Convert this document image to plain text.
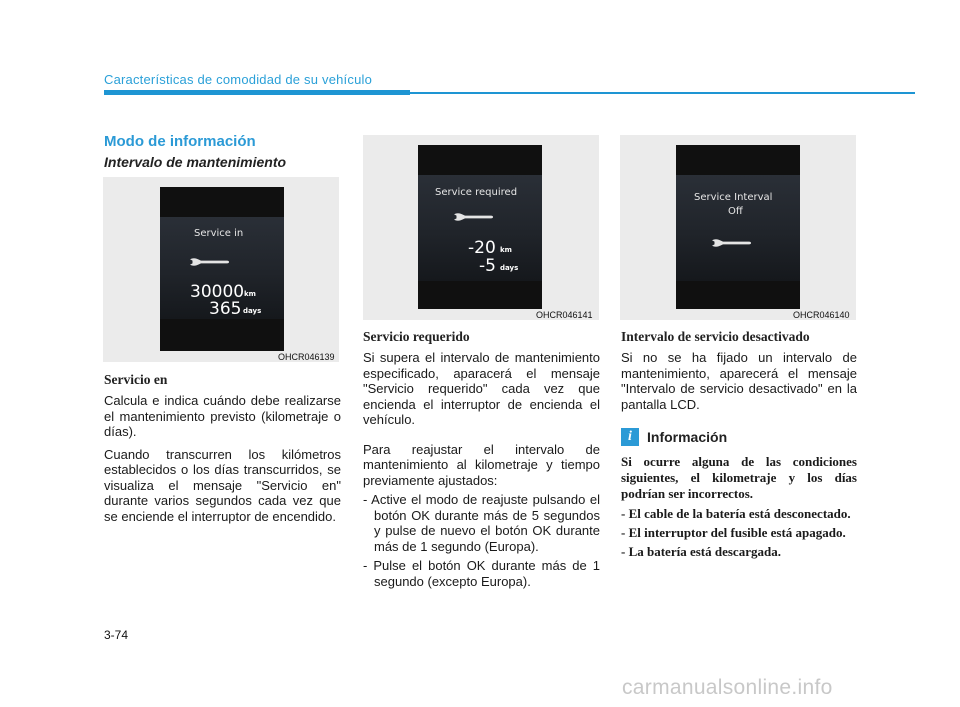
Características de comodidad de su vehículo
Modo de información
Intervalo de mantenimiento
Service in
30000 km
365 days
OHCR046139
Service required
-20 km
-5 days
OHCR046141
Service Interval
Off
OHCR046140
Servicio en
Calcula e indica cuándo debe realizarse el mantenimiento previsto (kilometraje o días).
Cuando transcurren los kilómetros establecidos o los días transcurridos, se visualiza el mensaje "Servicio en" durante varios segundos cada vez que se enciende el interruptor de encendido.
Servicio requerido
Si supera el intervalo de mantenimiento especificado, aparacerá el mensaje "Servicio requerido" cada vez que encienda el interruptor de encienda el vehículo.
Para reajustar el intervalo de mantenimiento al kilometraje y tiempo previamente ajustados:
- Active el modo de reajuste pulsando el botón OK durante más de 5 segundos y pulse de nuevo el botón OK durante más de 1 segundo (Europa).
- Pulse el botón OK durante más de 1 segundo (excepto Europa).
Intervalo de servicio desactivado
Si no se ha fijado un intervalo de mantenimiento, aparecerá el mensaje "Intervalo de servicio desactivado" en la pantalla LCD.
i	Información
Si ocurre alguna de las condiciones siguientes, el kilometraje y los días podrían ser incorrectos.
- El cable de la batería está desconectado.
- El interruptor del fusible está apagado.
- La batería está descargada.
3-74
carmanualsonline.info
